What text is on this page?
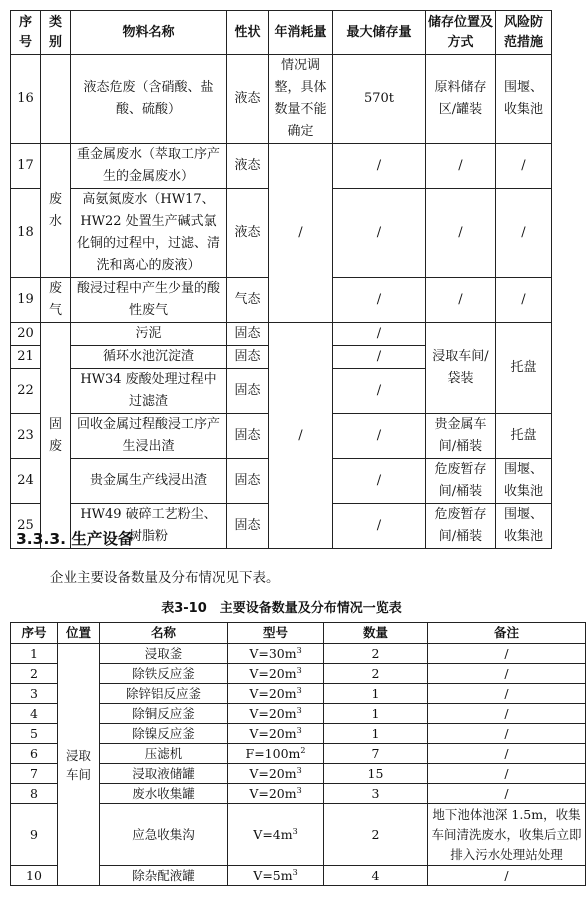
序号	类别	物料名称	性状	年消耗量	最大储存量	储存位置及方式	风险防范措施
16		液态危废（含硝酸、盐酸、硫酸）	液态	情况调整，具体数量不能确定	570t	原料储存区/罐装	围堰、收集池
17	废水	重金属废水（萃取工序产生的金属废水）	液态	/	/	/	/
18		高氨氮废水（HW17、HW22 处置生产碱式氯化铜的过程中，过滤、清洗和离心的废液）	液态		/	/	/
19	废气	酸浸过程中产生少量的酸性废气	气态		/	/	/
20	固废	污泥	固态	/	/	浸取车间/袋装	托盘
21		循环水池沉淀渣	固态		/		
22		HW34 废酸处理过程中过滤渣	固态		/		
23		回收金属过程酸浸工序产生浸出渣	固态		/	贵金属车间/桶装	托盘
24		贵金属生产线浸出渣	固态		/	危废暂存间/桶装	围堰、收集池
25		HW49 破碎工艺粉尘、树脂粉	固态		/	危废暂存间/桶装	围堰、收集池
3.3.3. 生产设备
企业主要设备数量及分布情况见下表。
表3-10　主要设备数量及分布情况一览表
序号	位置	名称	型号	数量	备注
1	浸取车间	浸取釜	$V=30m^3$	2	/
2		除铁反应釜	$V=20m^3$	2	/
3		除锌铝反应釜	$V=20m^3$	1	/
4		除铜反应釜	$V=20m^3$	1	/
5		除镍反应釜	$V=20m^3$	1	/
6		压滤机	$F=100m^2$	7	/
7		浸取液储罐	$V=20m^3$	15	/
8		废水收集罐	$V=20m^3$	3	/
9		应急收集沟	$V=4m^3$	2	地下池体池深 1.5m，收集车间清洗废水，收集后立即排入污水处理站处理
10		除杂配液罐	$V=5m^3$	4	/
